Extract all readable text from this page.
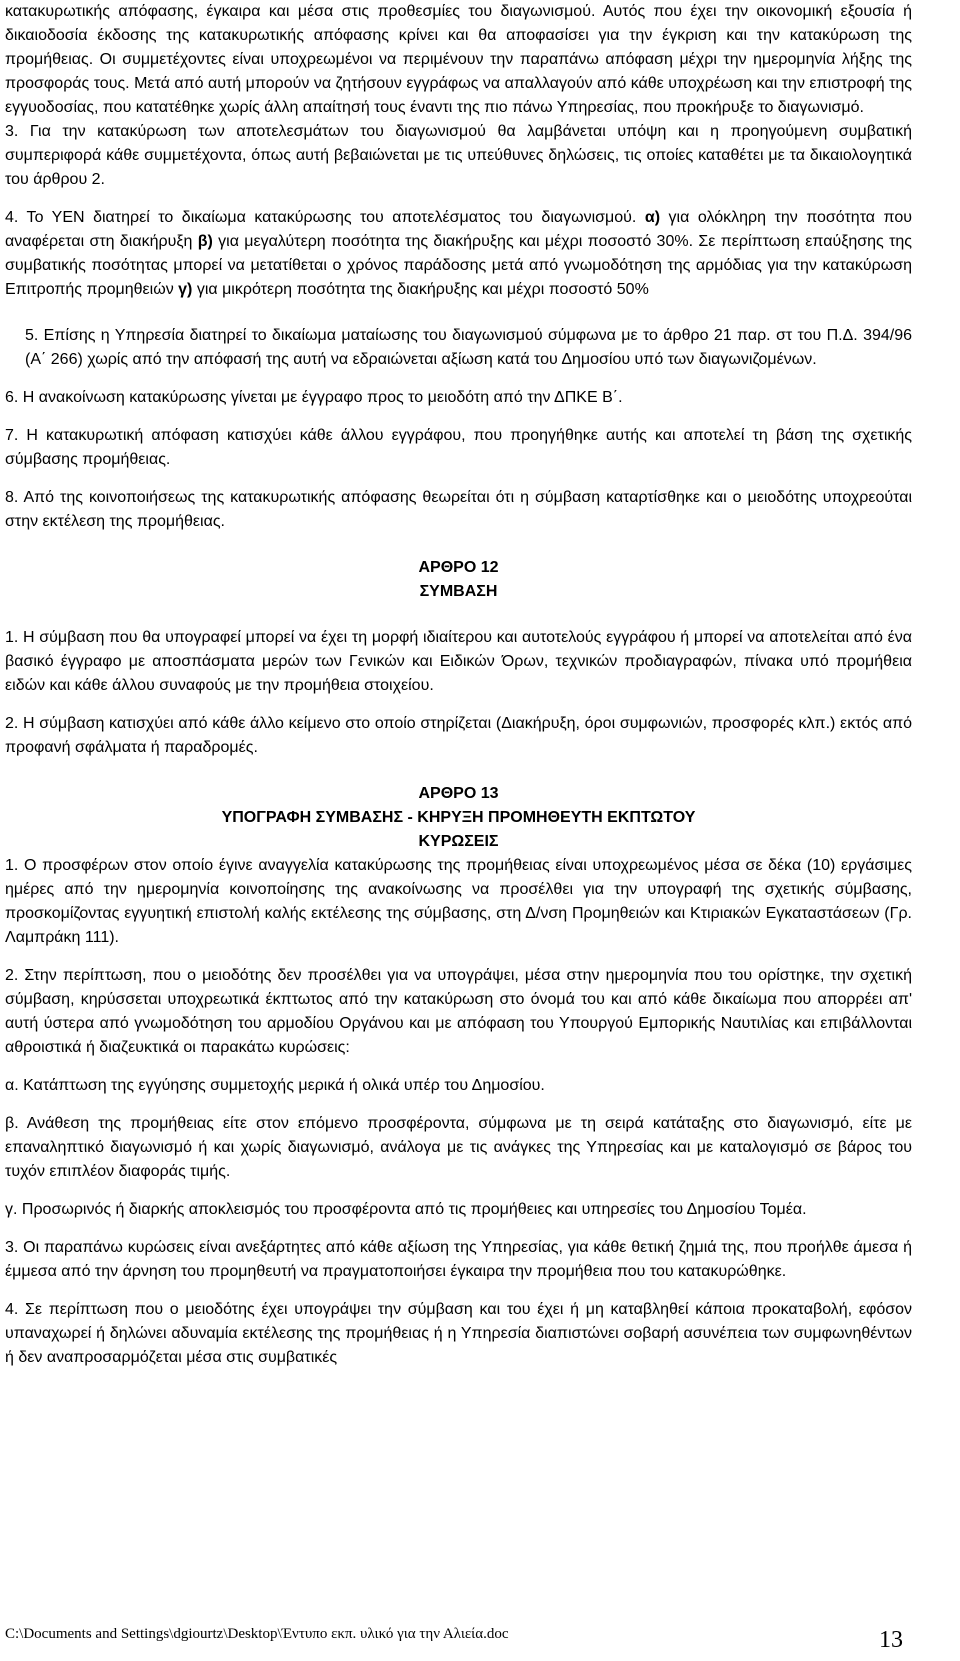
κατακυρωτικής απόφασης, έγκαιρα και μέσα στις προθεσμίες του διαγωνισμού. Αυτός που έχει την οικονομική εξουσία ή δικαιοδοσία έκδοσης της κατακυρωτικής απόφασης κρίνει και θα αποφασίσει για την έγκριση και την κατακύρωση της προμήθειας. Οι συμμετέχοντες είναι υποχρεωμένοι να περιμένουν την παραπάνω απόφαση μέχρι την ημερομηνία λήξης της προσφοράς τους. Μετά από αυτή μπορούν να ζητήσουν εγγράφως να απαλλαγούν από κάθε υποχρέωση και την επιστροφή της εγγυοδοσίας, που κατατέθηκε χωρίς άλλη απαίτησή τους έναντι της πιο πάνω Υπηρεσίας, που προκήρυξε το διαγωνισμό.

3. Για την κατακύρωση των αποτελεσμάτων του διαγωνισμού θα λαμβάνεται υπόψη και η προηγούμενη συμβατική συμπεριφορά κάθε συμμετέχοντα, όπως αυτή βεβαιώνεται με τις υπεύθυνες δηλώσεις, τις οποίες καταθέτει με τα δικαιολογητικά του άρθρου 2.

4. Το ΥΕΝ διατηρεί το δικαίωμα κατακύρωσης του αποτελέσματος του διαγωνισμού. α) για ολόκληρη την ποσότητα που αναφέρεται στη διακήρυξη β) για μεγαλύτερη ποσότητα της διακήρυξης και μέχρι ποσοστό 30%. Σε περίπτωση επαύξησης της συμβατικής ποσότητας μπορεί να μετατίθεται ο χρόνος παράδοσης μετά από γνωμοδότηση της αρμόδιας για την κατακύρωση Επιτροπής προμηθειών γ) για μικρότερη ποσότητα της διακήρυξης και μέχρι ποσοστό 50%

5. Επίσης η Υπηρεσία διατηρεί το δικαίωμα ματαίωσης του διαγωνισμού σύμφωνα με το άρθρο 21 παρ. στ του Π.Δ. 394/96 (Α΄ 266) χωρίς από την απόφασή της αυτή να εδραιώνεται αξίωση κατά του Δημοσίου υπό των διαγωνιζομένων.

6. Η ανακοίνωση κατακύρωσης γίνεται με έγγραφο προς το μειοδότη από την ΔΠΚΕ Β΄.

7. Η κατακυρωτική απόφαση κατισχύει κάθε άλλου εγγράφου, που προηγήθηκε αυτής και αποτελεί τη βάση της σχετικής σύμβασης προμήθειας.

8. Από της κοινοποιήσεως της κατακυρωτικής απόφασης θεωρείται ότι η σύμβαση καταρτίσθηκε και ο μειοδότης υποχρεούται στην εκτέλεση της προμήθειας.

ΑΡΘΡΟ 12

ΣΥΜΒΑΣΗ

1. Η σύμβαση που θα υπογραφεί μπορεί να έχει τη μορφή ιδιαίτερου και αυτοτελούς εγγράφου ή μπορεί να αποτελείται από ένα βασικό έγγραφο με αποσπάσματα μερών των Γενικών και Ειδικών Όρων, τεχνικών προδιαγραφών, πίνακα υπό προμήθεια ειδών και κάθε άλλου συναφούς με την προμήθεια στοιχείου.

2. Η σύμβαση κατισχύει από κάθε άλλο κείμενο στο οποίο στηρίζεται (Διακήρυξη, όροι συμφωνιών, προσφορές κλπ.) εκτός από προφανή σφάλματα ή παραδρομές.

ΑΡΘΡΟ 13

ΥΠΟΓΡΑΦΗ ΣΥΜΒΑΣΗΣ - ΚΗΡΥΞΗ ΠΡΟΜΗΘΕΥΤΗ ΕΚΠΤΩΤΟΥ

ΚΥΡΩΣΕΙΣ

1. Ο προσφέρων στον οποίο έγινε αναγγελία κατακύρωσης της προμήθειας είναι υποχρεωμένος μέσα σε δέκα (10) εργάσιμες ημέρες από την ημερομηνία κοινοποίησης της ανακοίνωσης να προσέλθει για την υπογραφή της σχετικής σύμβασης, προσκομίζοντας εγγυητική επιστολή καλής εκτέλεσης της σύμβασης, στη Δ/νση Προμηθειών και Κτιριακών Εγκαταστάσεων (Γρ. Λαμπράκη 111).

2. Στην περίπτωση, που ο μειοδότης δεν προσέλθει για να υπογράψει, μέσα στην ημερομηνία που του ορίστηκε, την σχετική σύμβαση, κηρύσσεται υποχρεωτικά έκπτωτος από την κατακύρωση στο όνομά του και από κάθε δικαίωμα που απορρέει απ' αυτή ύστερα από γνωμοδότηση του αρμοδίου Οργάνου και με απόφαση του Υπουργού Εμπορικής Ναυτιλίας και επιβάλλονται αθροιστικά ή διαζευκτικά οι παρακάτω κυρώσεις:

α. Κατάπτωση της εγγύησης συμμετοχής μερικά ή ολικά υπέρ του Δημοσίου.

β. Ανάθεση της προμήθειας είτε στον επόμενο προσφέροντα, σύμφωνα με τη σειρά κατάταξης στο διαγωνισμό, είτε με επαναληπτικό διαγωνισμό ή και χωρίς διαγωνισμό, ανάλογα με τις ανάγκες της Υπηρεσίας και με καταλογισμό σε βάρος του τυχόν επιπλέον διαφοράς τιμής.

γ. Προσωρινός ή διαρκής αποκλεισμός του προσφέροντα από τις προμήθειες και υπηρεσίες του Δημοσίου Τομέα.

3. Οι παραπάνω κυρώσεις είναι ανεξάρτητες από κάθε αξίωση της Υπηρεσίας, για κάθε θετική ζημιά της, που προήλθε άμεσα ή έμμεσα από την άρνηση του προμηθευτή να πραγματοποιήσει έγκαιρα την προμήθεια που του κατακυρώθηκε.

4. Σε περίπτωση που ο μειοδότης έχει υπογράψει την σύμβαση και του έχει ή μη καταβληθεί κάποια προκαταβολή, εφόσον υπαναχωρεί ή δηλώνει αδυναμία εκτέλεσης της προμήθειας ή η Υπηρεσία διαπιστώνει σοβαρή ασυνέπεια των συμφωνηθέντων ή δεν αναπροσαρμόζεται μέσα στις συμβατικές

C:\Documents and Settings\dgiourtz\Desktop\Έντυπο εκπ. υλικό για την Αλιεία.doc	13
